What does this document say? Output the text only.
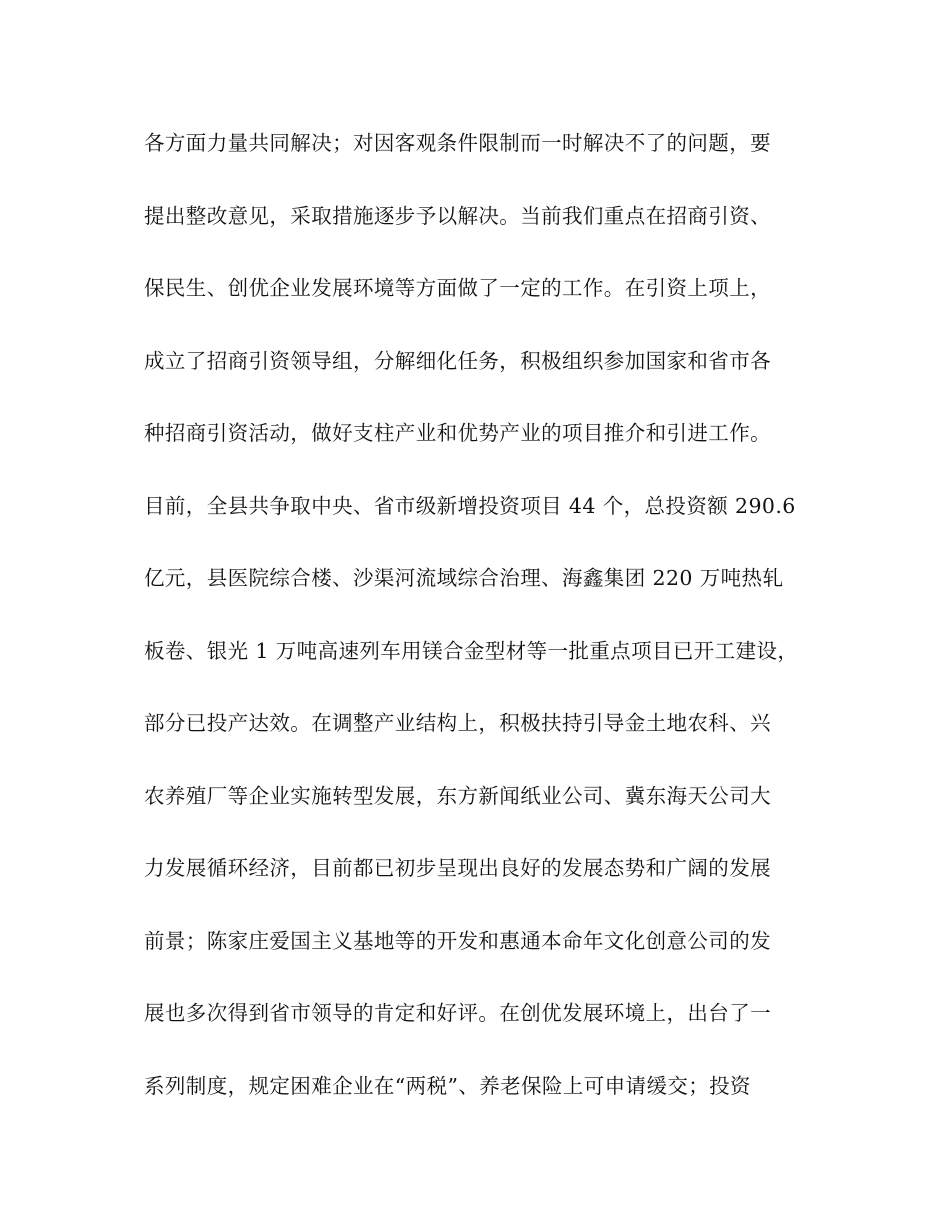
各方面力量共同解决；对因客观条件限制而一时解决不了的问题，要
提出整改意见，采取措施逐步予以解决。当前我们重点在招商引资、
保民生、创优企业发展环境等方面做了一定的工作。在引资上项上，
成立了招商引资领导组，分解细化任务，积极组织参加国家和省市各
种招商引资活动，做好支柱产业和优势产业的项目推介和引进工作。
目前，全县共争取中央、省市级新增投资项目 44 个，总投资额 290.6
亿元，县医院综合楼、沙渠河流域综合治理、海鑫集团 220 万吨热轧
板卷、银光 1 万吨高速列车用镁合金型材等一批重点项目已开工建设，
部分已投产达效。在调整产业结构上，积极扶持引导金土地农科、兴
农养殖厂等企业实施转型发展，东方新闻纸业公司、冀东海天公司大
力发展循环经济，目前都已初步呈现出良好的发展态势和广阔的发展
前景；陈家庄爱国主义基地等的开发和惠通本命年文化创意公司的发
展也多次得到省市领导的肯定和好评。在创优发展环境上，出台了一
系列制度，规定困难企业在“两税”、养老保险上可申请缓交；投资
